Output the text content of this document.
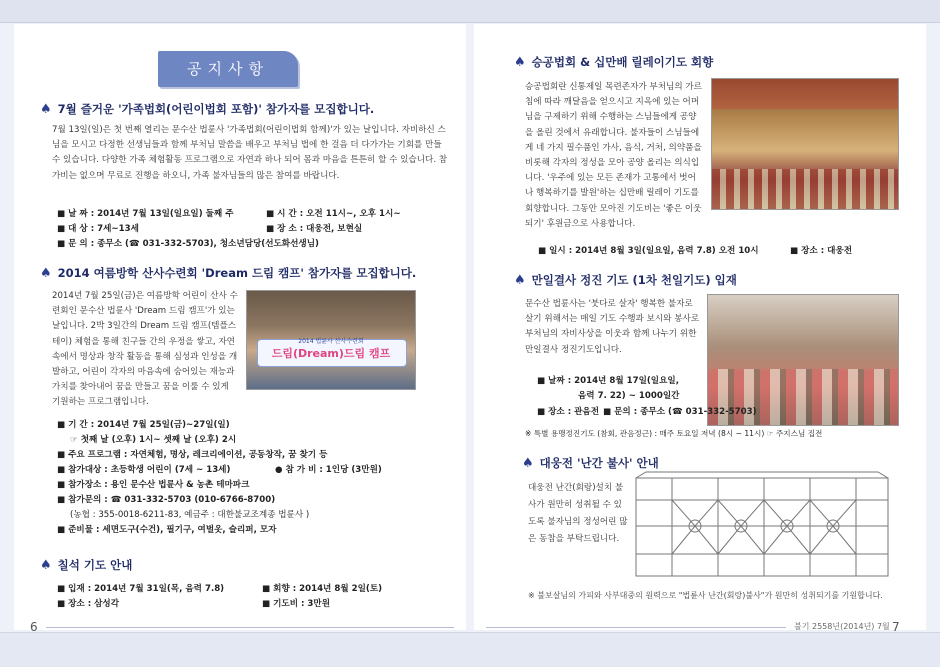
공지사항
♠ 7월 즐거운 '가족법회(어린이법회 포함)' 참가자를 모집합니다.
7월 13일(일)은 첫 번째 열리는 문수산 법륜사 '가족법회(어린이법회 함께)'가 있는 날입니다. 자비하신 스님을 모시고 다정한 선생님들과 함께 부처님 말씀을 배우고 부처님 법에 한 걸음 더 다가가는 기회를 만들 수 있습니다. 다양한 가족 체험활동 프로그램으로 자연과 하나 되어 몸과 마음을 튼튼히 할 수 있습니다. 참가비는 없으며 무료로 진행을 하오니, 가족 불자님들의 많은 참여를 바랍니다.
■ 날 짜 : 2014년 7월 13일(일요일) 둘째 주	■ 시 간 : 오전 11시~, 오후 1시~
■ 대 상 : 7세~13세	■ 장 소 : 대웅전, 보현실
■ 문 의 : 종무소 (☎ 031-332-5703), 청소년담당(선도화선생님)
♠ 2014 여름방학 산사수련회 'Dream 드림 캠프' 참가자를 모집합니다.
2014년 7월 25일(금)은 여름방학 어린이 산사 수련회인 문수산 법륜사 'Dream 드림 캠프'가 있는 날입니다. 2박 3일간의 Dream 드림 캠프(템플스테이) 체험을 통해 친구들 간의 우정을 쌓고, 자연 속에서 명상과 창작 활동을 통해 심성과 인성을 개발하고, 어린이 각자의 마음속에 숨어있는 재능과 가치를 찾아내어 꿈을 만들고 꿈을 이룰 수 있게 기원하는 프로그램입니다.
2014 법륜사 산사수련회
드림(Dream)드림 캠프
■ 기 간 : 2014년 7월 25일(금)~27일(일)
☞ 첫째 날 (오후) 1시~ 셋째 날 (오후) 2시
■ 주요 프로그램 : 자연체험, 명상, 레크리에이션, 공동창작, 꿈 찾기 등
■ 참가대상 : 초등학생 어린이 (7세 ~ 13세)	● 참 가 비 : 1인당 (3만원)
■ 참가장소 : 용인 문수산 법륜사 & 농촌 테마파크
■ 참가문의 : ☎ 031-332-5703 (010-6766-8700)
(농협 : 355-0018-6211-83, 예금주 : 대한불교조계종 법륜사 )
■ 준비물 : 세면도구(수건), 필기구, 여벌옷, 슬리퍼, 모자
♠ 칠석 기도 안내
■ 입재 : 2014년 7월 31일(목, 음력 7.8)	■ 회향 : 2014년 8월 2일(토)
■ 장소 : 삼성각	■ 기도비 : 3만원
6
♠ 승공법회 & 십만배 릴레이기도 회향
승공법회란 신통제일 목련존자가 부처님의 가르침에 따라 깨달음을 얻으시고 지옥에 있는 어머님을 구제하기 위해 수행하는 스님들에게 공양을 올린 것에서 유래합니다. 불자들이 스님들에게 네 가지 필수품인 가사, 음식, 거처, 의약품을 비롯해 각자의 정성을 모아 공양 올리는 의식입니다. '우주에 있는 모든 존재가 고통에서 벗어나 행복하기를 발원'하는 십만배 릴레이 기도를 회향합니다. 그동안 모아진 기도비는 '좋은 이웃되기' 후원금으로 사용합니다.
■ 일시 : 2014년 8월 3일(일요일, 음력 7.8) 오전 10시	■ 장소 : 대웅전
♠ 만일결사 정진 기도 (1차 천일기도) 입재
문수산 법륜사는 '붓다로 살자' 행복한 불자로 살기 위해서는 매일 기도 수행과 보시와 봉사로 부처님의 자비사상을 이웃과 함께 나누기 위한 만일결사 정진기도입니다.
■ 날짜 : 2014년 8월 17일(일요일,
음력 7. 22) ~ 1000일간
■ 장소 : 관음전 ■ 문의 : 종무소 (☎ 031-332-5703)
※ 특별 용맹정진기도 (참회, 관음정근) : 매주 토요일 저녁 (8시 ~ 11시) ☞ 주지스님 집전
♠ 대웅전 '난간 불사' 안내
대웅전 난간(회랑)설치 불사가 원만히 성취될 수 있도록 불자님의 정성어린 많은 동참을 부탁드립니다.
※ 불보살님의 가피와 사부대중의 원력으로 "법륜사 난간(회랑)불사"가 원만히 성취되기를 기원합니다.
불기 2558년(2014년) 7월 7
